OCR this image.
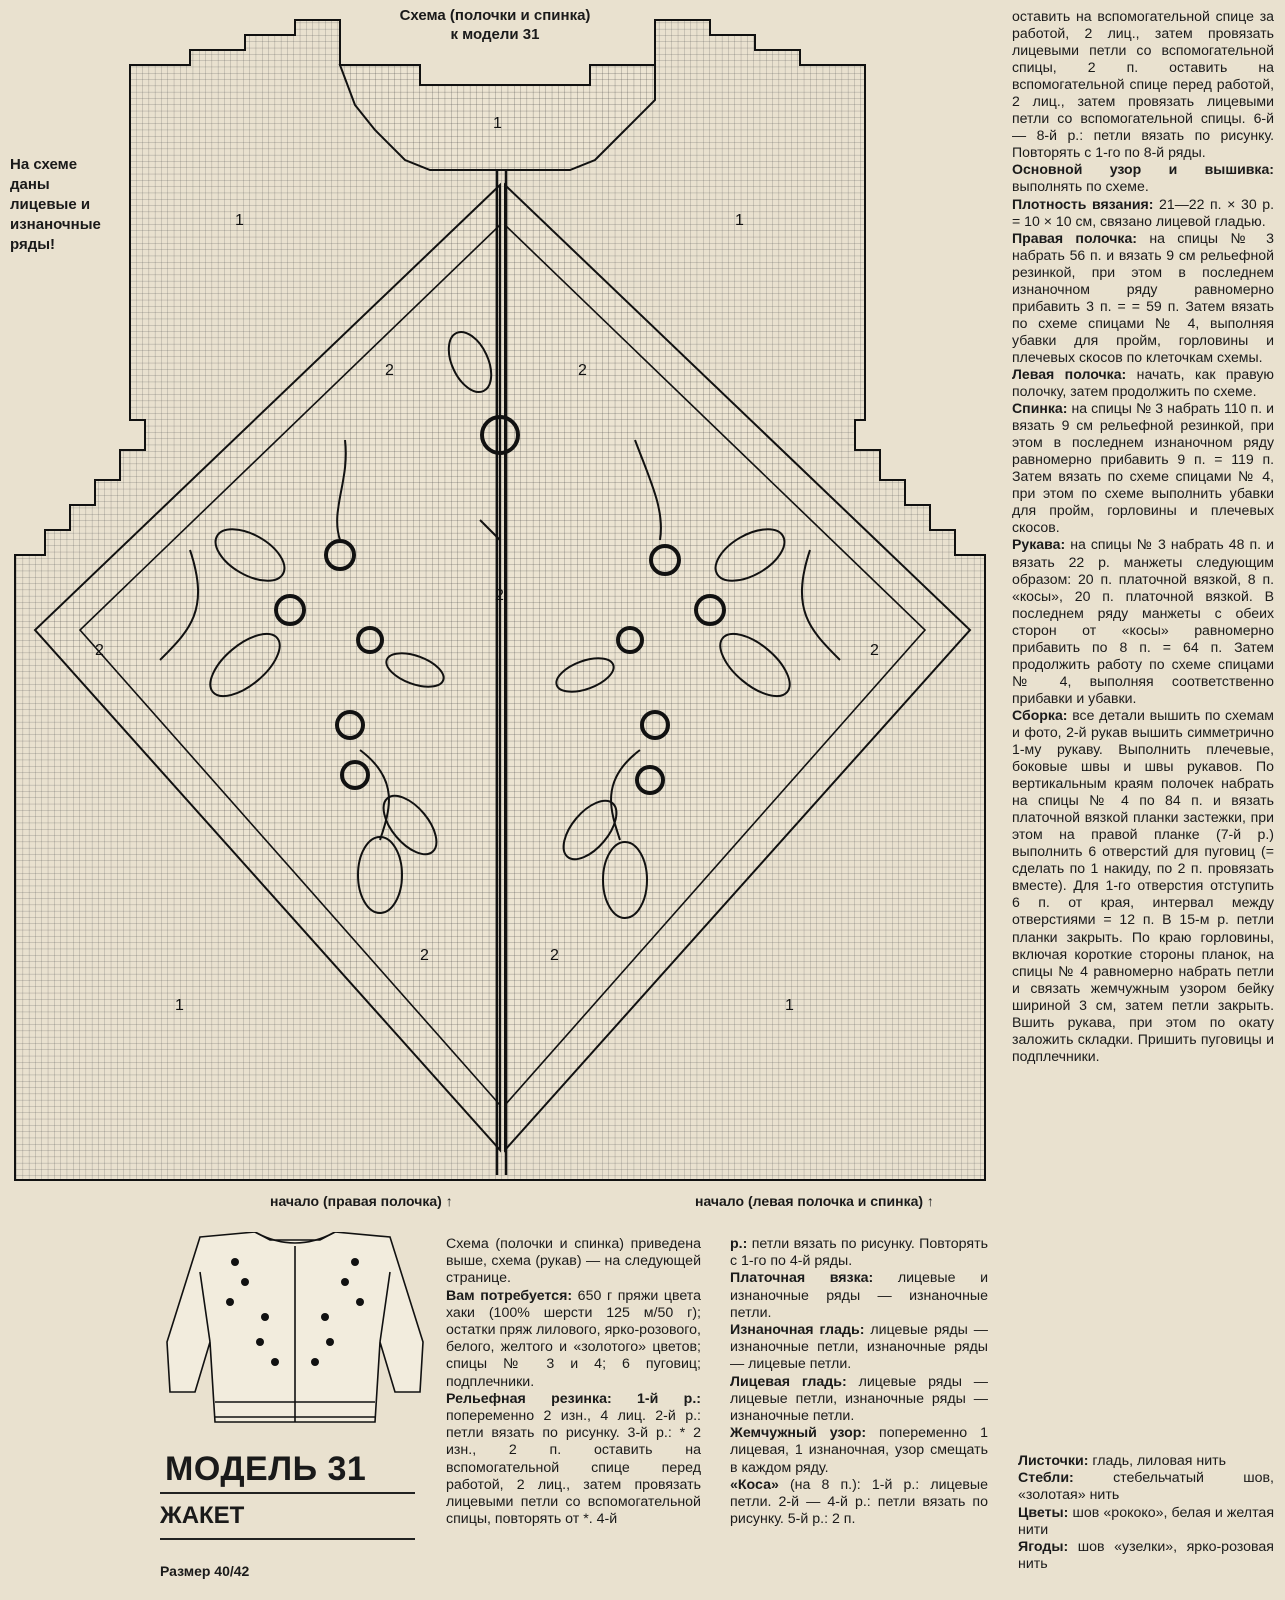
1
1	1
2	2
2	2
2
2	2
1	1
Схема (полочки и спинка)
к модели 31
На схеме даны лицевые и изнаночные ряды!
начало (правая полочка) ↑	начало (левая полочка и спинка) ↑
МОДЕЛЬ 31
ЖАКЕТ
Размер 40/42

Схема (полочки и спинка) приведена выше, схема (рукав) — на следующей странице.

Вам потребуется: 650 г пряжи цвета хаки (100% шерсти 125 м/50 г); остатки пряж лилового, ярко-розового, белого, желтого и «золотого» цветов; спицы № 3 и 4; 6 пуговиц; подплечники.

Рельефная резинка: 1-й р.: попеременно 2 изн., 4 лиц. 2-й р.: петли вязать по рисунку. 3-й р.: * 2 изн., 2 п. оставить на вспомогательной спице перед работой, 2 лиц., затем провязать лицевыми петли со вспомогательной спицы, повторять от *. 4-й

р.: петли вязать по рисунку. Повторять с 1-го по 4-й ряды.

Платочная вязка: лицевые и изнаночные ряды — изнаночные петли.

Изнаночная гладь: лицевые ряды — изнаночные петли, изнаночные ряды — лицевые петли.

Лицевая гладь: лицевые ряды — лицевые петли, изнаночные ряды — изнаночные петли.

Жемчужный узор: попеременно 1 лицевая, 1 изнаночная, узор смещать в каждом ряду.

«Коса» (на 8 п.): 1-й р.: лицевые петли. 2-й — 4-й р.: петли вязать по рисунку. 5-й р.: 2 п.

оставить на вспомогательной спице за работой, 2 лиц., затем провязать лицевыми петли со вспомогательной спицы, 2 п. оставить на вспомогательной спице перед работой, 2 лиц., затем провязать лицевыми петли со вспомогательной спицы. 6-й — 8-й р.: петли вязать по рисунку. Повторять с 1-го по 8-й ряды.

Основной узор и вышивка: выполнять по схеме.

Плотность вязания: 21—22 п. × 30 р. = 10 × 10 см, связано лицевой гладью.

Правая полочка: на спицы № 3 набрать 56 п. и вязать 9 см рельефной резинкой, при этом в последнем изнаночном ряду равномерно прибавить 3 п. = = 59 п. Затем вязать по схеме спицами № 4, выполняя убавки для пройм, горловины и плечевых скосов по клеточкам схемы.

Левая полочка: начать, как правую полочку, затем продолжить по схеме.

Спинка: на спицы № 3 набрать 110 п. и вязать 9 см рельефной резинкой, при этом в последнем изнаночном ряду равномерно прибавить 9 п. = 119 п. Затем вязать по схеме спицами № 4, при этом по схеме выполнить убавки для пройм, горловины и плечевых скосов.

Рукава: на спицы № 3 набрать 48 п. и вязать 22 р. манжеты следующим образом: 20 п. платочной вязкой, 8 п. «косы», 20 п. платочной вязкой. В последнем ряду манжеты с обеих сторон от «косы» равномерно прибавить по 8 п. = 64 п. Затем продолжить работу по схеме спицами № 4, выполняя соответственно прибавки и убавки.

Сборка: все детали вышить по схемам и фото, 2-й рукав вышить симметрично 1-му рукаву. Выполнить плечевые, боковые швы и швы рукавов. По вертикальным краям полочек набрать на спицы № 4 по 84 п. и вязать платочной вязкой планки застежки, при этом на правой планке (7-й р.) выполнить 6 отверстий для пуговиц (= сделать по 1 накиду, по 2 п. провязать вместе). Для 1-го отверстия отступить 6 п. от края, интервал между отверстиями = 12 п. В 15-м р. петли планки закрыть. По краю горловины, включая короткие стороны планок, на спицы № 4 равномерно набрать петли и связать жемчужным узором бейку шириной 3 см, затем петли закрыть. Вшить рукава, при этом по окату заложить складки. Пришить пуговицы и подплечники.

Листочки: гладь, лиловая нить

Стебли: стебельчатый шов, «золотая» нить

Цветы: шов «рококо», белая и желтая нити

Ягоды: шов «узелки», ярко-розовая нить
